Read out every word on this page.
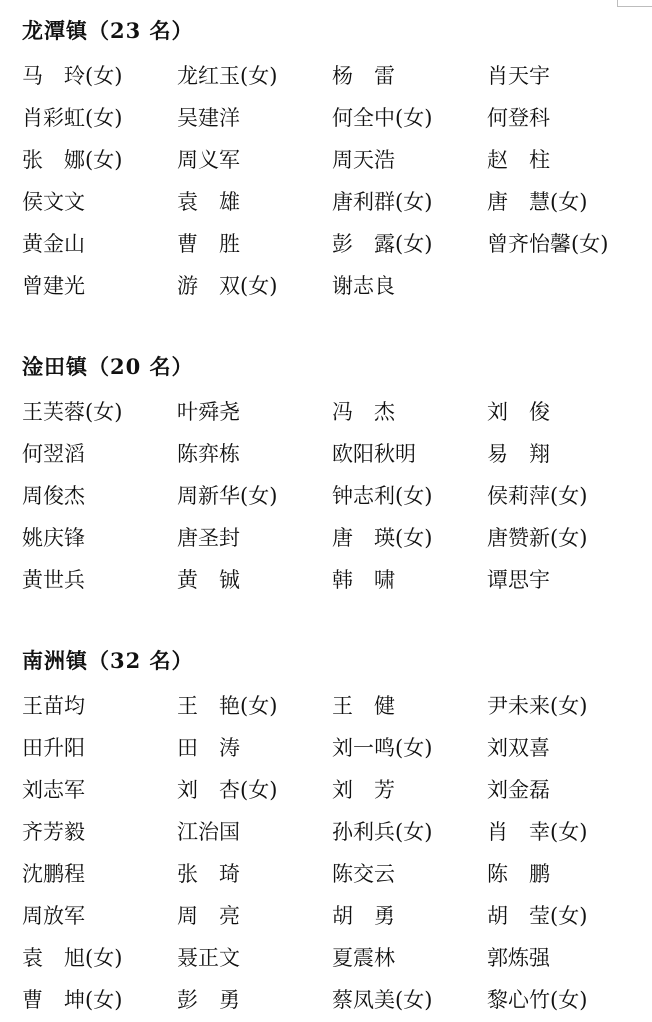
龙潭镇（23 名）
马　玲(女)	龙红玉(女)	杨　雷	肖天宇
肖彩虹(女)	吴建洋	何全中(女)	何登科
张　娜(女)	周义军	周天浩	赵　柱
侯文文	袁　雄	唐利群(女)	唐　慧(女)
黄金山	曹　胜	彭　露(女)	曾齐怡馨(女)
曾建光	游　双(女)	谢志良
淦田镇（20 名）
王芙蓉(女)	叶舜尧	冯　杰	刘　俊
何翌滔	陈弈栋	欧阳秋明	易　翔
周俊杰	周新华(女)	钟志利(女)	侯莉萍(女)
姚庆锋	唐圣封	唐　瑛(女)	唐赞新(女)
黄世兵	黄　铖	韩　啸	谭思宇
南洲镇（32 名）
王苗均	王　艳(女)	王　健	尹未来(女)
田升阳	田　涛	刘一鸣(女)	刘双喜
刘志军	刘　杏(女)	刘　芳	刘金磊
齐芳毅	江治国	孙利兵(女)	肖　幸(女)
沈鹏程	张　琦	陈交云	陈　鹏
周放军	周　亮	胡　勇	胡　莹(女)
袁　旭(女)	聂正文	夏震林	郭炼强
曹　坤(女)	彭　勇	蔡凤美(女)	黎心竹(女)
